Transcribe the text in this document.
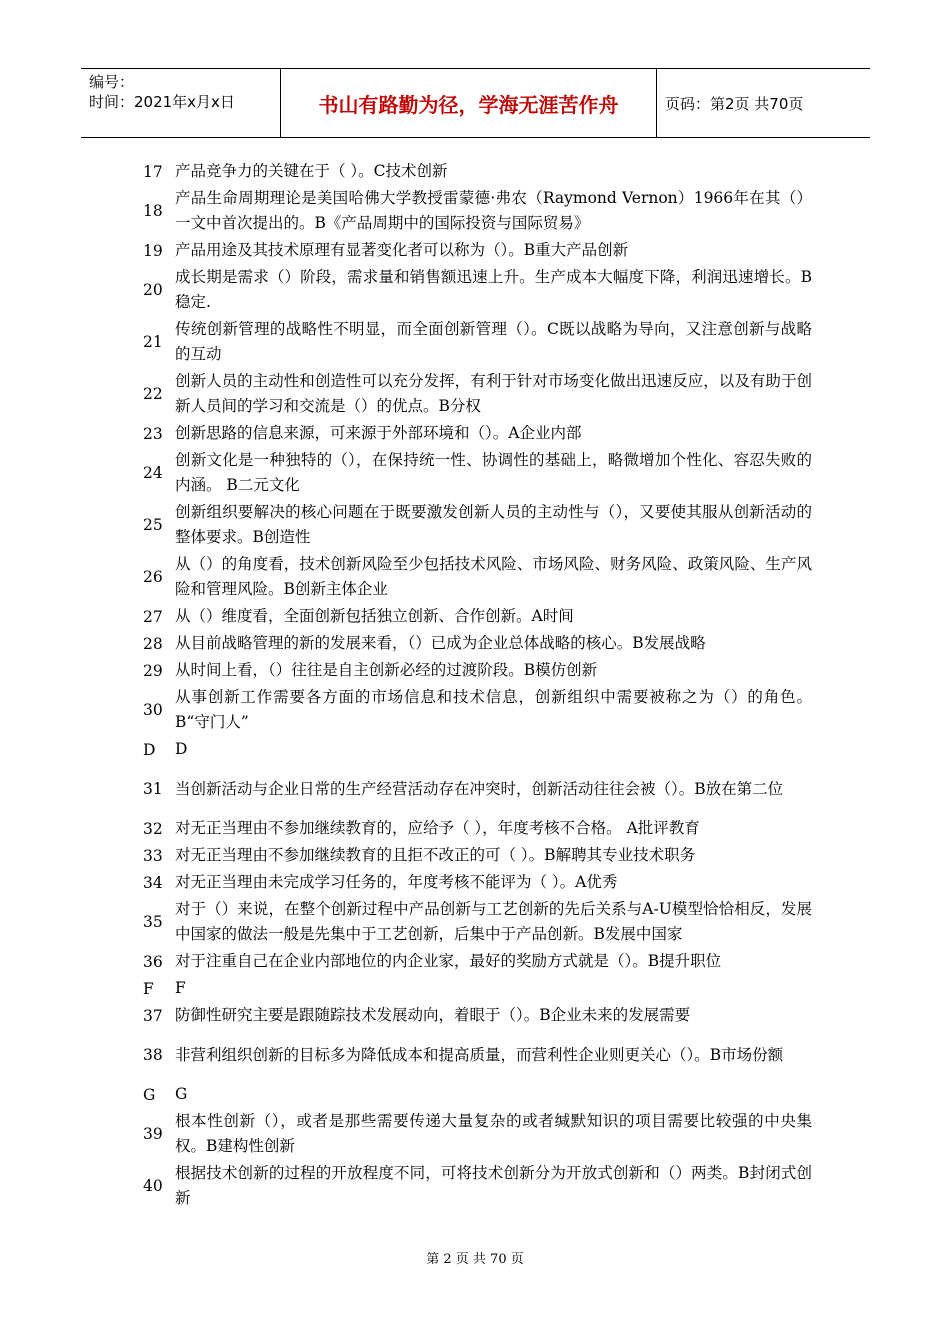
编号：
时间：2021年x月x日	书山有路勤为径，学海无涯苦作舟	页码：第2页 共70页
17 产品竞争力的关键在于（ ）。C技术创新
18
产品生命周期理论是美国哈佛大学教授雷蒙德·弗农（Raymond Vernon）1966年在其（）一文中首次提出的。B《产品周期中的国际投资与国际贸易》
19 产品用途及其技术原理有显著变化者可以称为（）。B重大产品创新
20
成长期是需求（）阶段，需求量和销售额迅速上升。生产成本大幅度下降，利润迅速增长。B稳定.
21
传统创新管理的战略性不明显，而全面创新管理（）。C既以战略为导向，又注意创新与战略的互动
22
创新人员的主动性和创造性可以充分发挥，有利于针对市场变化做出迅速反应，以及有助于创新人员间的学习和交流是（）的优点。B分权
23 创新思路的信息来源，可来源于外部环境和（）。A企业内部
24
创新文化是一种独特的（），在保持统一性、协调性的基础上，略微增加个性化、容忍失败的内涵。 B二元文化
25
创新组织要解决的核心问题在于既要激发创新人员的主动性与（），又要使其服从创新活动的整体要求。B创造性
26
从（）的角度看，技术创新风险至少包括技术风险、市场风险、财务风险、政策风险、生产风险和管理风险。B创新主体企业
27 从（）维度看，全面创新包括独立创新、合作创新。A时间
28 从目前战略管理的新的发展来看，（）已成为企业总体战略的核心。B发展战略
29 从时间上看，（）往往是自主创新必经的过渡阶段。B模仿创新
30
从事创新工作需要各方面的市场信息和技术信息，创新组织中需要被称之为（）的角色。 B“守门人”
D	D
31 当创新活动与企业日常的生产经营活动存在冲突时，创新活动往往会被（）。B放在第二位
32 对无正当理由不参加继续教育的，应给予（ ），年度考核不合格。 A批评教育
33 对无正当理由不参加继续教育的且拒不改正的可（ ）。B解聘其专业技术职务
34 对无正当理由未完成学习任务的，年度考核不能评为（ ）。A优秀
35
对于（）来说，在整个创新过程中产品创新与工艺创新的先后关系与A-U模型恰恰相反，发展中国家的做法一般是先集中于工艺创新，后集中于产品创新。B发展中国家
36 对于注重自己在企业内部地位的内企业家，最好的奖励方式就是（）。B提升职位
F	F
37 防御性研究主要是跟随踪技术发展动向，着眼于（）。B企业未来的发展需要
38 非营利组织创新的目标多为降低成本和提高质量，而营利性企业则更关心（）。B市场份额
G	G
39
根本性创新（），或者是那些需要传递大量复杂的或者缄默知识的项目需要比较强的中央集权。B建构性创新
40
根据技术创新的过程的开放程度不同，可将技术创新分为开放式创新和（）两类。B封闭式创新
第 2 页 共 70 页
